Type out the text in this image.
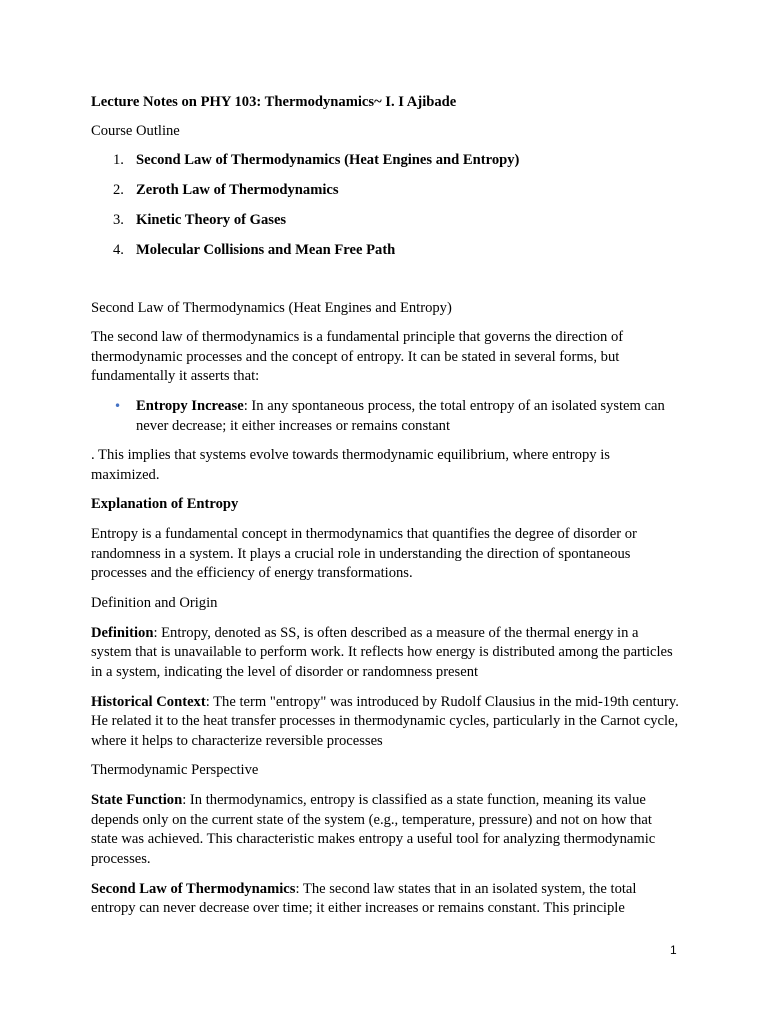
Lecture Notes on PHY 103: Thermodynamics~ I. I Ajibade

Course Outline

1. Second Law of Thermodynamics (Heat Engines and Entropy)
2. Zeroth Law of Thermodynamics
3. Kinetic Theory of Gases
4. Molecular Collisions and Mean Free Path

Second Law of Thermodynamics (Heat Engines and Entropy)

The second law of thermodynamics is a fundamental principle that governs the direction of thermodynamic processes and the concept of entropy. It can be stated in several forms, but fundamentally it asserts that:

• Entropy Increase: In any spontaneous process, the total entropy of an isolated system can never decrease; it either increases or remains constant

. This implies that systems evolve towards thermodynamic equilibrium, where entropy is maximized.

Explanation of Entropy

Entropy is a fundamental concept in thermodynamics that quantifies the degree of disorder or randomness in a system. It plays a crucial role in understanding the direction of spontaneous processes and the efficiency of energy transformations.

Definition and Origin

Definition: Entropy, denoted as SS, is often described as a measure of the thermal energy in a system that is unavailable to perform work. It reflects how energy is distributed among the particles in a system, indicating the level of disorder or randomness present

Historical Context: The term "entropy" was introduced by Rudolf Clausius in the mid-19th century. He related it to the heat transfer processes in thermodynamic cycles, particularly in the Carnot cycle, where it helps to characterize reversible processes

Thermodynamic Perspective

State Function: In thermodynamics, entropy is classified as a state function, meaning its value depends only on the current state of the system (e.g., temperature, pressure) and not on how that state was achieved. This characteristic makes entropy a useful tool for analyzing thermodynamic processes.

Second Law of Thermodynamics: The second law states that in an isolated system, the total entropy can never decrease over time; it either increases or remains constant. This principle

1
